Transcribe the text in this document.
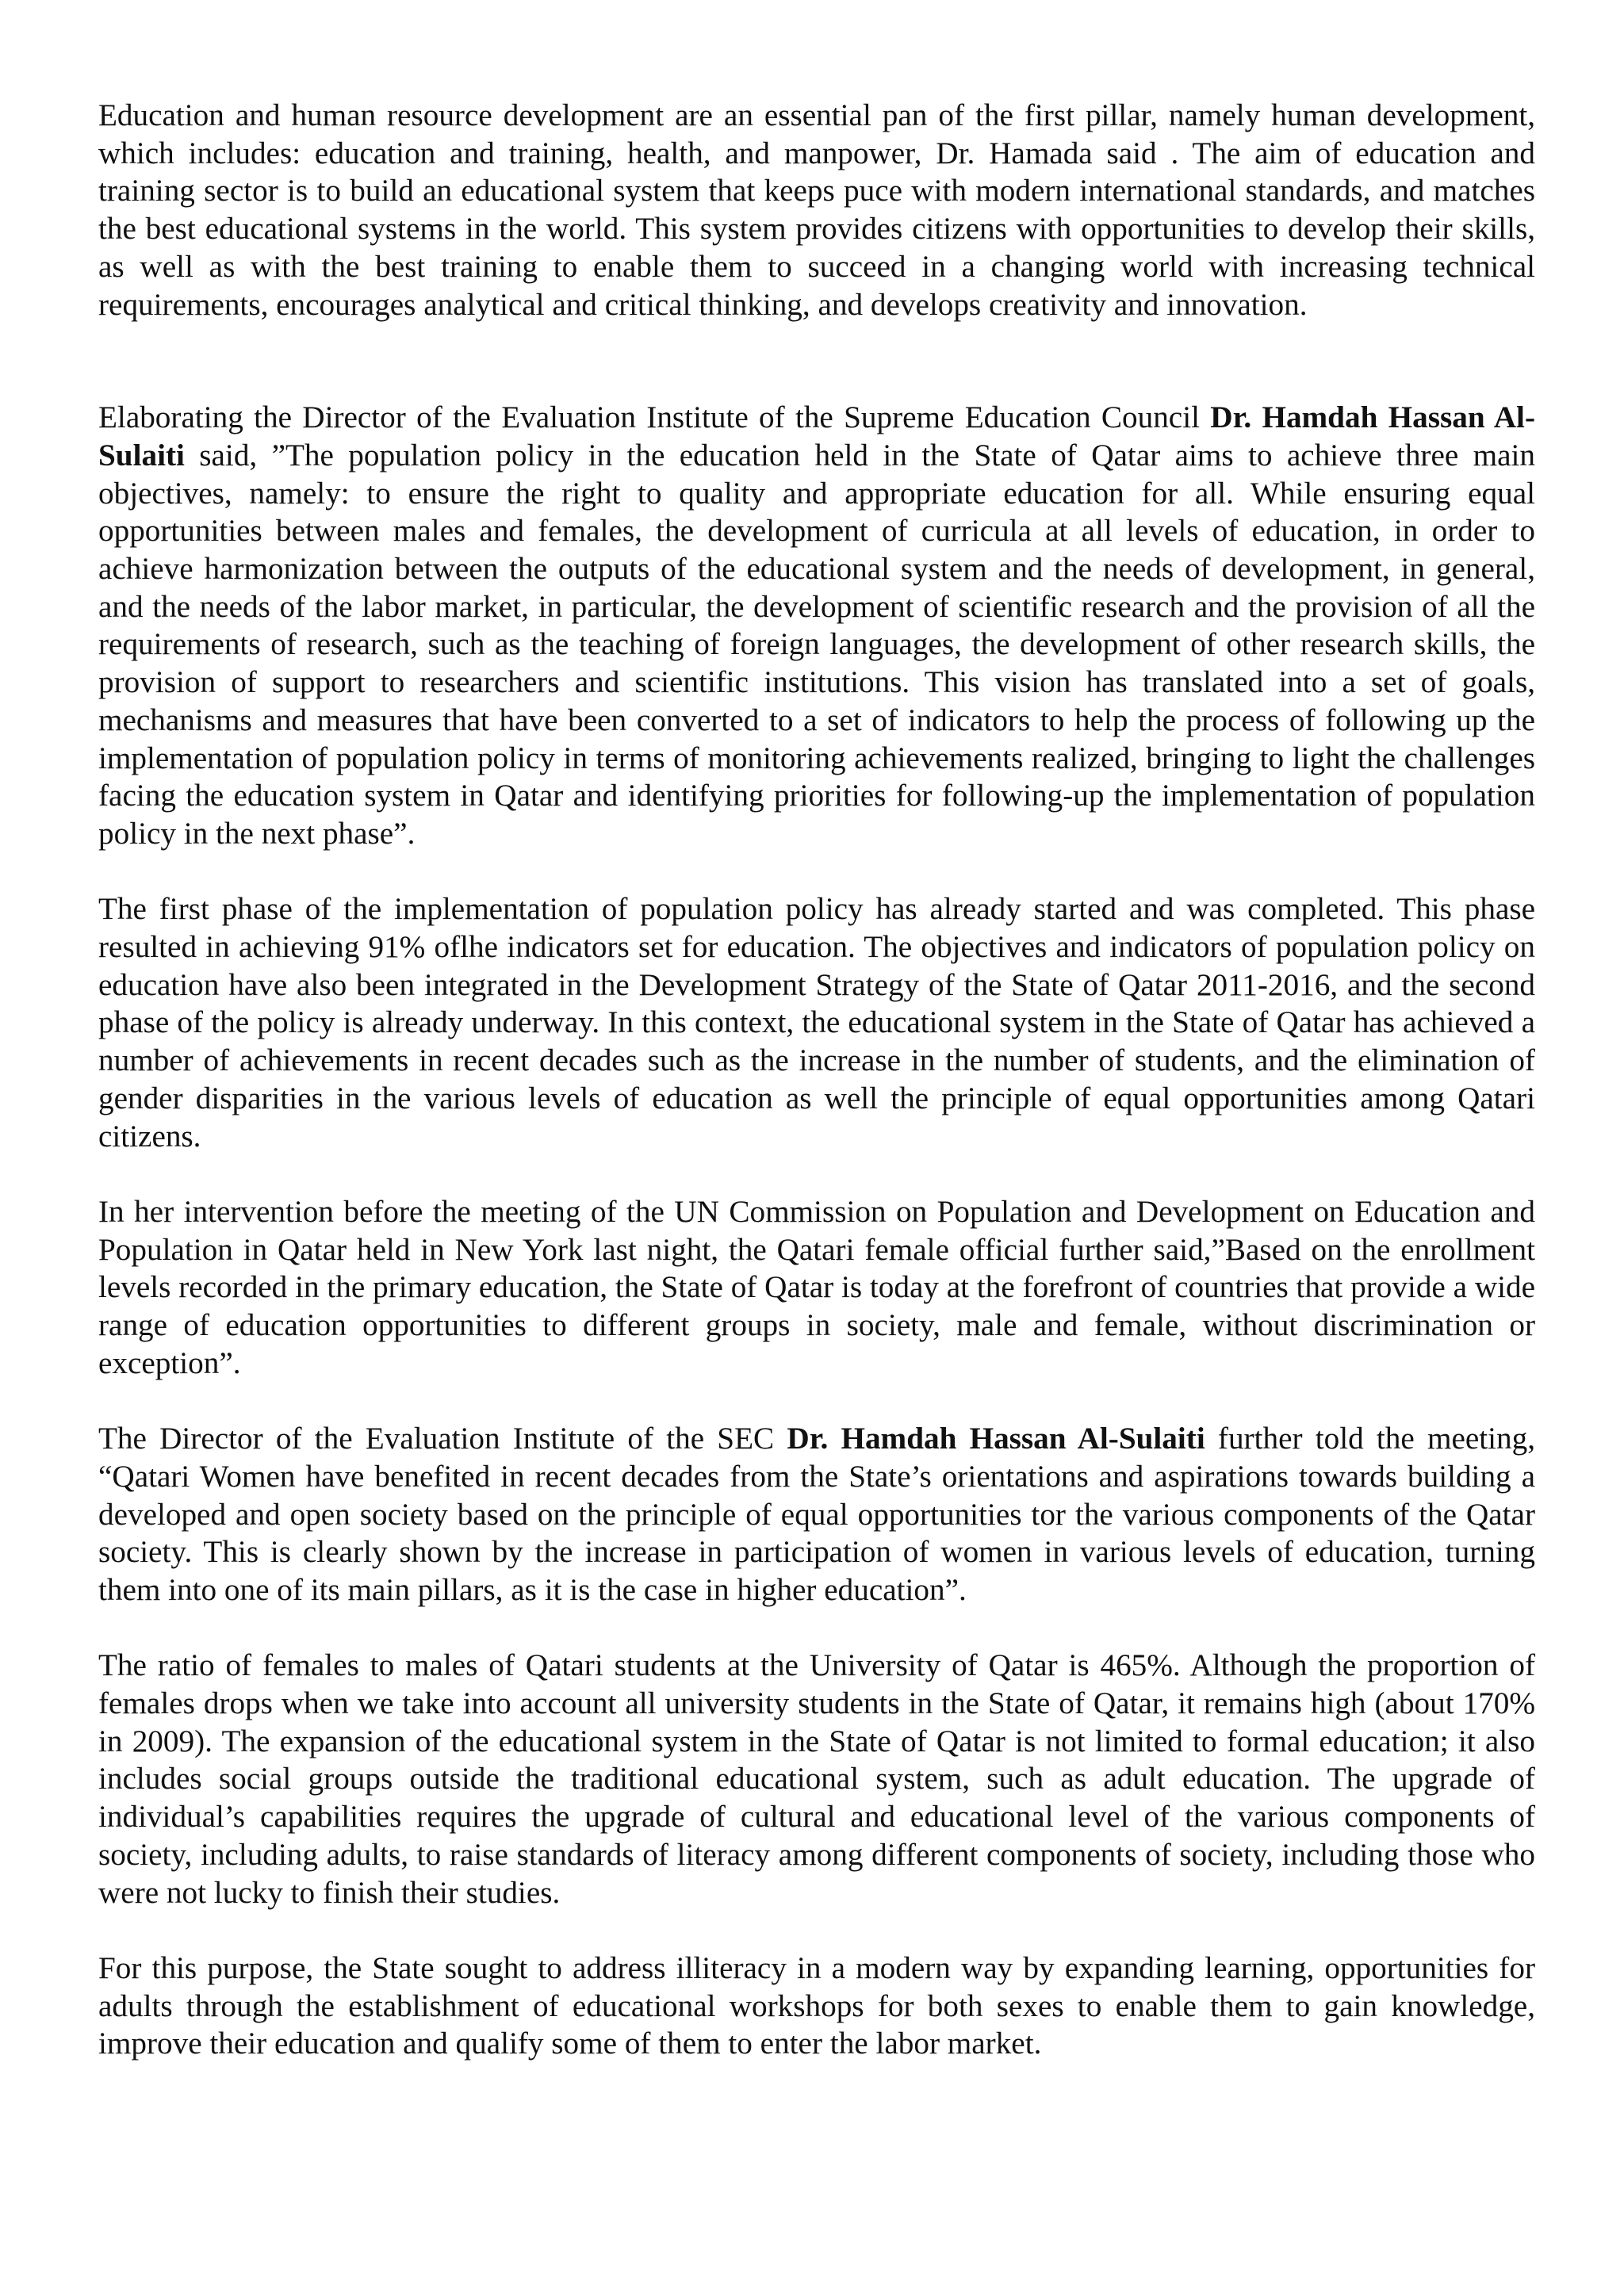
Education and human resource development are an essential pan of the first pillar, namely human development, which includes: education and training, health, and manpower, Dr. Hamada said . The aim of education and training sector is to build an educational system that keeps puce with modern international standards, and matches the best educational systems in the world. This system provides citizens with opportunities to develop their skills, as well as with the best training to enable them to succeed in a changing world with increasing technical requirements, encourages analytical and critical thinking, and develops creativity and innovation.

Elaborating the Director of the Evaluation Institute of the Supreme Education Council Dr. Hamdah Hassan Al-Sulaiti said, ”The population policy in the education held in the State of Qatar aims to achieve three main objectives, namely: to ensure the right to quality and appropriate education for all. While ensuring equal opportunities between males and females, the development of curricula at all levels of education, in order to achieve harmonization between the outputs of the educational system and the needs of development, in general, and the needs of the labor market, in particular, the development of scientific research and the provision of all the requirements of research, such as the teaching of foreign languages, the development of other research skills, the provision of support to researchers and scientific institutions. This vision has translated into a set of goals, mechanisms and measures that have been converted to a set of indicators to help the process of following up the implementation of population policy in terms of monitoring achievements realized, bringing to light the challenges facing the education system in Qatar and identifying priorities for following-up the implementation of population policy in the next phase”.

The first phase of the implementation of population policy has already started and was completed. This phase resulted in achieving 91% oflhe indicators set for education. The objectives and indicators of population policy on education have also been integrated in the Development Strategy of the State of Qatar 2011-2016, and the second phase of the policy is already underway. In this context, the educational system in the State of Qatar has achieved a number of achievements in recent decades such as the increase in the number of students, and the elimination of gender disparities in the various levels of education as well the principle of equal opportunities among Qatari citizens.

In her intervention before the meeting of the UN Commission on Population and Development on Education and Population in Qatar held in New York last night, the Qatari female official further said,”Based on the enrollment levels recorded in the primary education, the State of Qatar is today at the forefront of countries that provide a wide range of education opportunities to different groups in society, male and female, without discrimination or exception”.

The Director of the Evaluation Institute of the SEC Dr. Hamdah Hassan Al-Sulaiti further told the meeting, “Qatari Women have benefited in recent decades from the State’s orientations and aspirations towards building a developed and open society based on the principle of equal opportunities tor the various components of the Qatar society. This is clearly shown by the increase in participation of women in various levels of education, turning them into one of its main pillars, as it is the case in higher education”.

The ratio of females to males of Qatari students at the University of Qatar is 465%. Although the proportion of females drops when we take into account all university students in the State of Qatar, it remains high (about 170% in 2009). The expansion of the educational system in the State of Qatar is not limited to formal education; it also includes social groups outside the traditional educational system, such as adult education. The upgrade of individual’s capabilities requires the upgrade of cultural and educational level of the various components of society, including adults, to raise standards of literacy among different components of society, including those who were not lucky to finish their studies.

For this purpose, the State sought to address illiteracy in a modern way by expanding learning, opportunities for adults through the establishment of educational workshops for both sexes to enable them to gain knowledge, improve their education and qualify some of them to enter the labor market.
